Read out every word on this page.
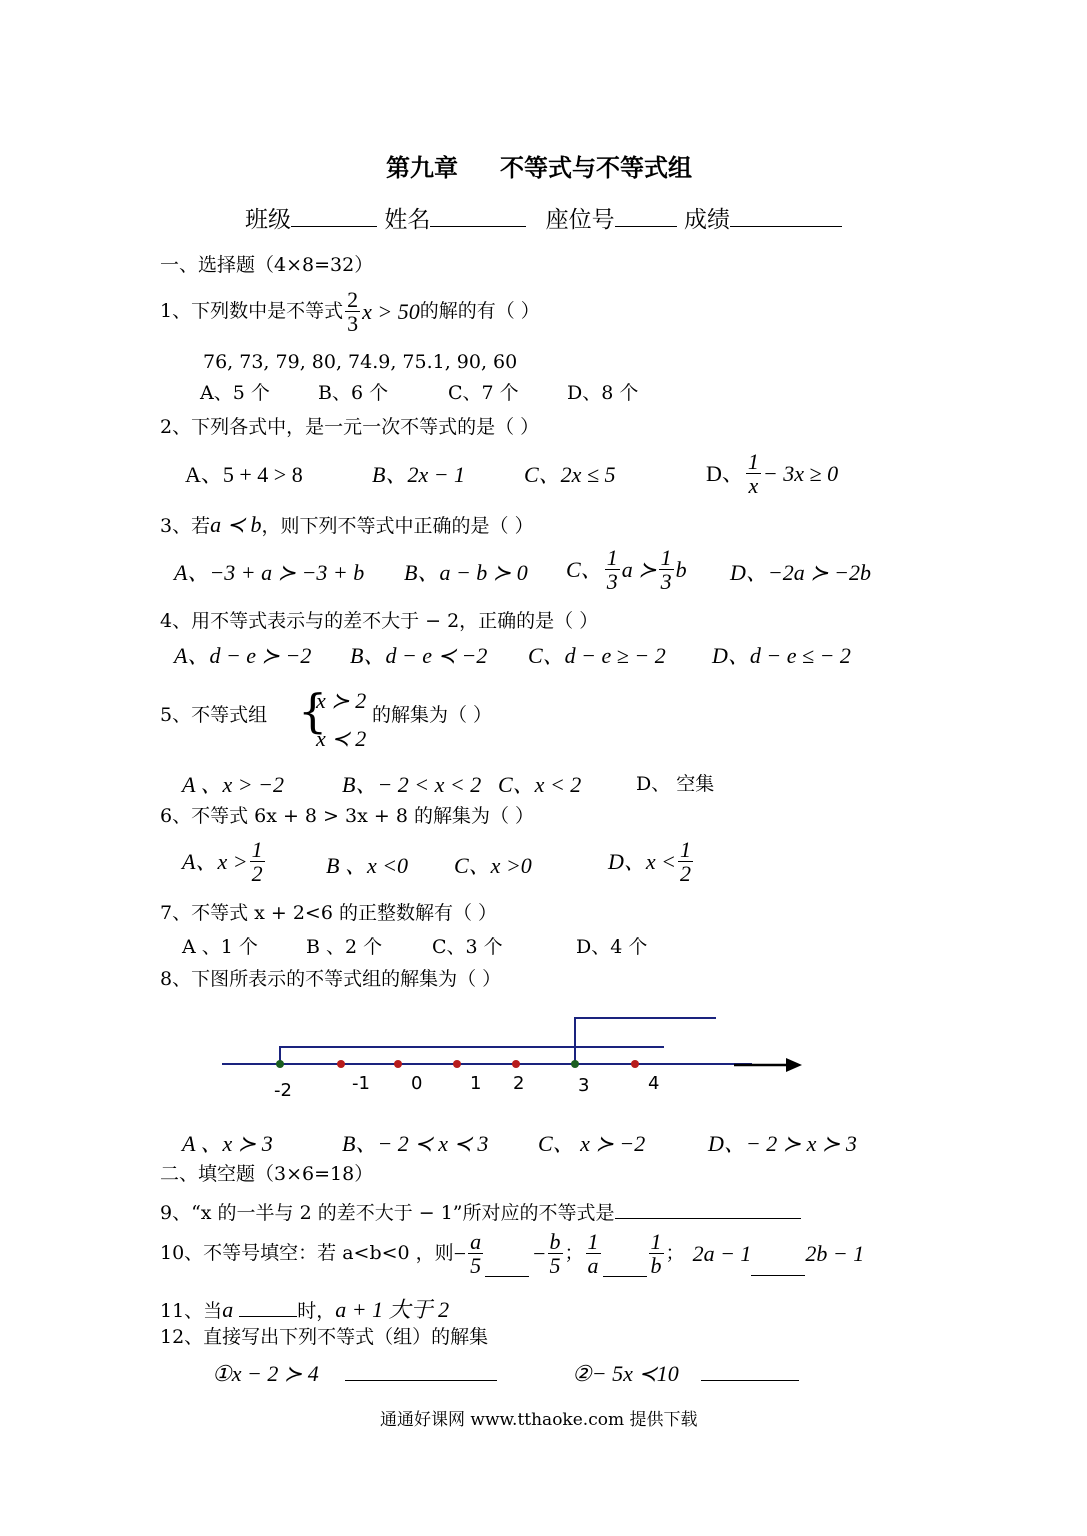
第九章 不等式与不等式组
班级	姓名	座位号	成绩
一、选择题（4×8=32）
1、下列数中是不等式 $\frac{2}{3}$ x > 50 的解的有（ ）
76, 73, 79, 80, 74.9, 75.1, 90, 60
A、5 个	B、6 个	C、7 个	D、8 个
2、下列各式中，是一元一次不等式的是（ ）
A、5 + 4 > 8	B、2x − 1	C、2x ≤ 5	D、 $\frac{1}{x} - 3x \ge 0$
3、若a ≺ b，则下列不等式中正确的是（ ）
A、−3 + a ≻ −3 + b B、a − b ≻ 0 C、 $\frac{1}{3}$ a ≻ $\frac{1}{3}$ b D、−2a ≻ −2b
4、用不等式表示与的差不大于 − 2，正确的是（ ）
A、d − e ≻ −2 B、d − e ≺ −2 C、d − e ≥ − 2 D、d − e ≤ − 2
5、不等式组 {
x ≻ 2
x ≺ 2
的解集为（ ）
A 、x > −2	B、− 2 < x < 2 C、x < 2	D、 空集
6、不等式 6x + 8 > 3x + 8 的解集为（ ）
A、$x > \frac{1}{2}$	B 、x <0 C、x >0	D、$x < \frac{1}{2}$
7、不等式 x + 2<6 的正整数解有（ ）
A 、1 个	B 、2 个	C、3 个	D、4 个
8、下图所表示的不等式组的解集为（ ）
-2	-1 0	1 2	3	4
A 、x ≻ 3	B、− 2 ≺ x ≺ 3 C、 x ≻ −2	D、− 2 ≻ x ≻ 3
二、填空题（3×6=18）
9、“x 的一半与 2 的差不大于 − 1”所对应的不等式是
10、不等号填空：若 a<b<0 ，则 − $\frac{a}{5} - \frac{b}{5}$ ； $\frac{1}{a} \frac{1}{b}$ ； 2a − 1 2b − 1
11、当a	时，a + 1 大于 2
12、直接写出下列不等式（组）的解集
①x − 2 ≻ 4	②− 5x ≺10
通通好课网 www.tthaoke.com 提供下载
